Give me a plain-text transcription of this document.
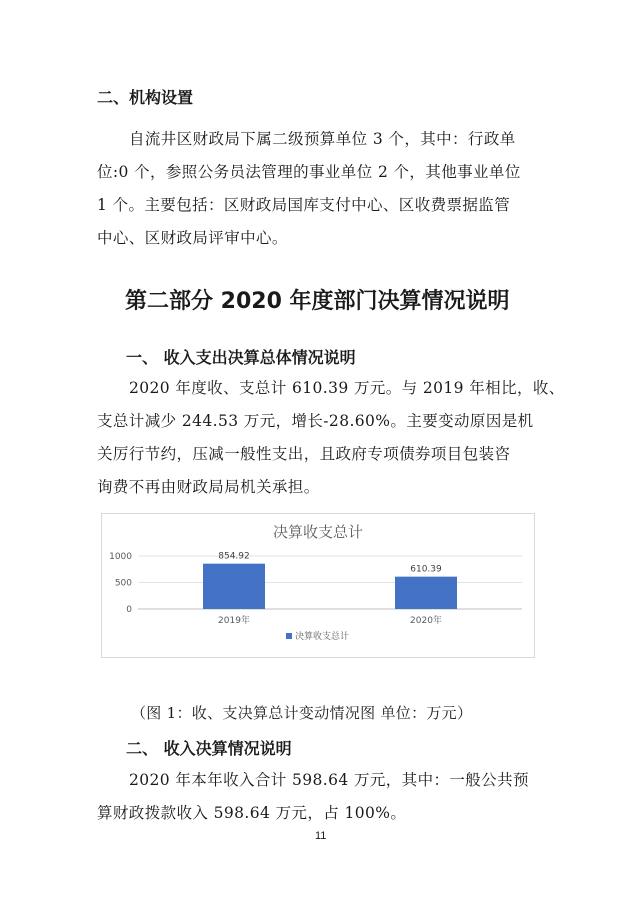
二、机构设置
自流井区财政局下属二级预算单位 3 个，其中：行政单
位:0 个，参照公务员法管理的事业单位 2 个，其他事业单位
1 个。主要包括：区财政局国库支付中心、区收费票据监管
中心、区财政局评审中心。
第二部分 2020 年度部门决算情况说明
一、 收入支出决算总体情况说明
2020 年度收、支总计 610.39 万元。与 2019 年相比，收、
支总计减少 244.53 万元，增长-28.60%。主要变动原因是机
关厉行节约，压减一般性支出，且政府专项债券项目包装咨
询费不再由财政局局机关承担。
决算收支总计
0
500
1000	854.92
610.39
2019年	2020年
决算收支总计
（图 1：收、支决算总计变动情况图 单位：万元）
二、 收入决算情况说明
2020 年本年收入合计 598.64 万元，其中：一般公共预
算财政拨款收入 598.64 万元，占 100%。
11
